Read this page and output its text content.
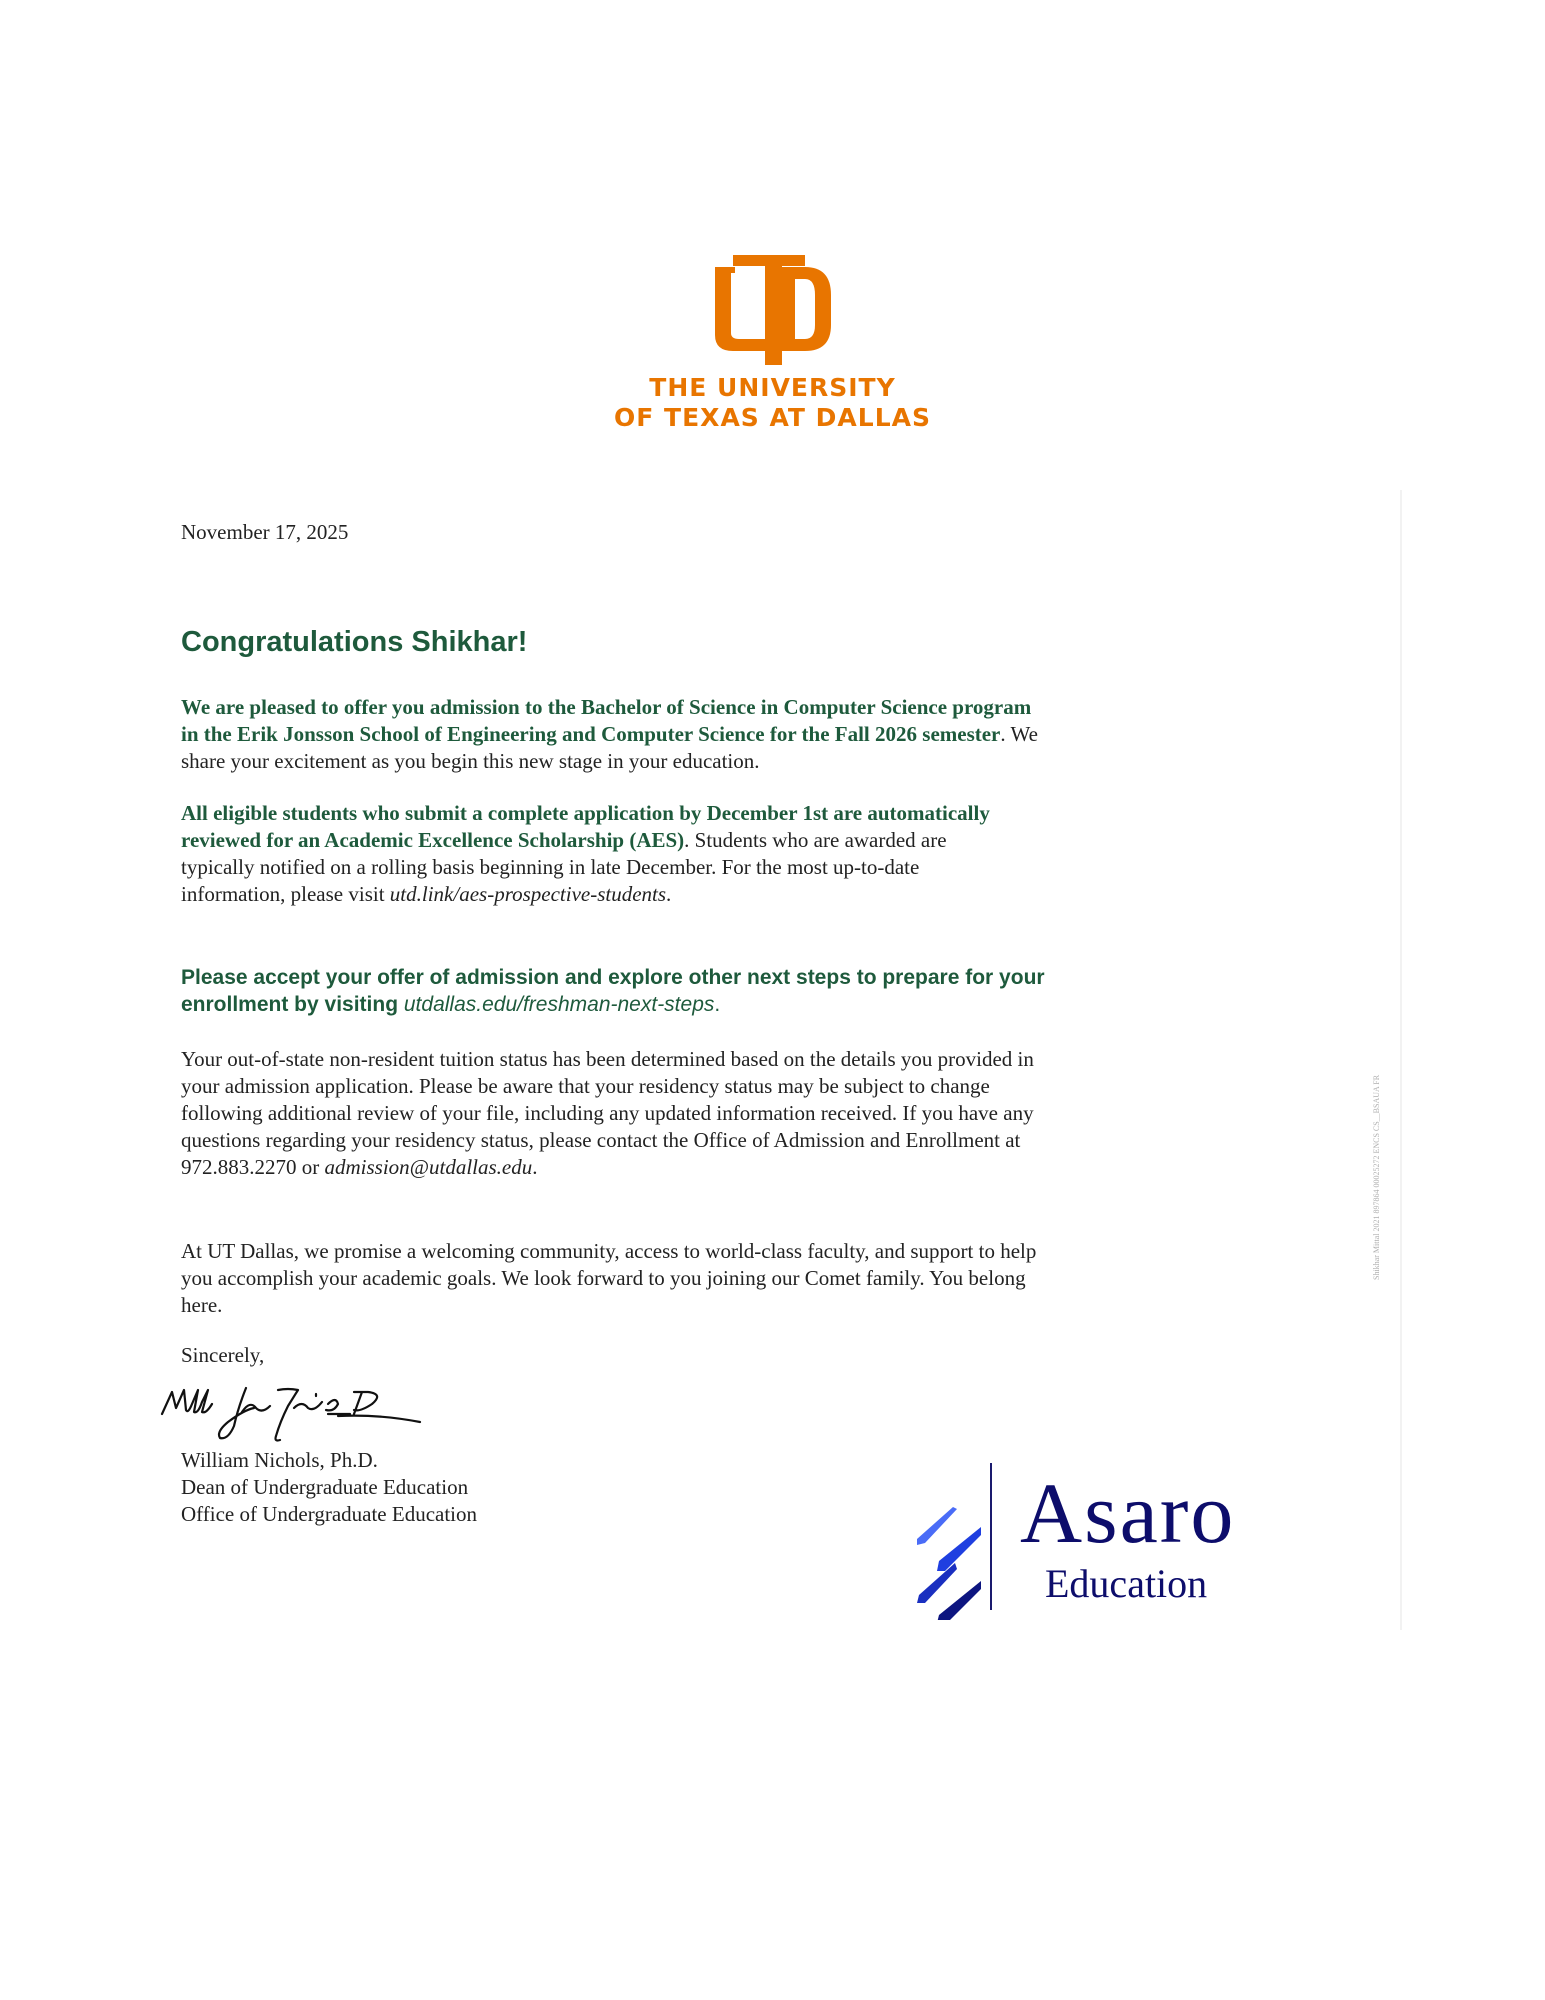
THE UNIVERSITY
OF TEXAS AT DALLAS
November 17, 2025
Congratulations Shikhar!
We are pleased to offer you admission to the Bachelor of Science in Computer Science program
in the Erik Jonsson School of Engineering and Computer Science for the Fall 2026 semester. We
share your excitement as you begin this new stage in your education.
All eligible students who submit a complete application by December 1st are automatically
reviewed for an Academic Excellence Scholarship (AES). Students who are awarded are
typically notified on a rolling basis beginning in late December. For the most up-to-date
information, please visit utd.link/aes-prospective-students.
Please accept your offer of admission and explore other next steps to prepare for your
enrollment by visiting utdallas.edu/freshman-next-steps.
Your out-of-state non-resident tuition status has been determined based on the details you provided in
your admission application. Please be aware that your residency status may be subject to change
following additional review of your file, including any updated information received. If you have any
questions regarding your residency status, please contact the Office of Admission and Enrollment at
972.883.2270 or admission@utdallas.edu.
At UT Dallas, we promise a welcoming community, access to world-class faculty, and support to help
you accomplish your academic goals. We look forward to you joining our Comet family. You belong
here.
Sincerely,
William Nichols, Ph.D.
Dean of Undergraduate Education
Office of Undergraduate Education	Asaro
Education
Shikhar Mittal 2021 897864 00025272 ENCS CS__BSAUA FR
